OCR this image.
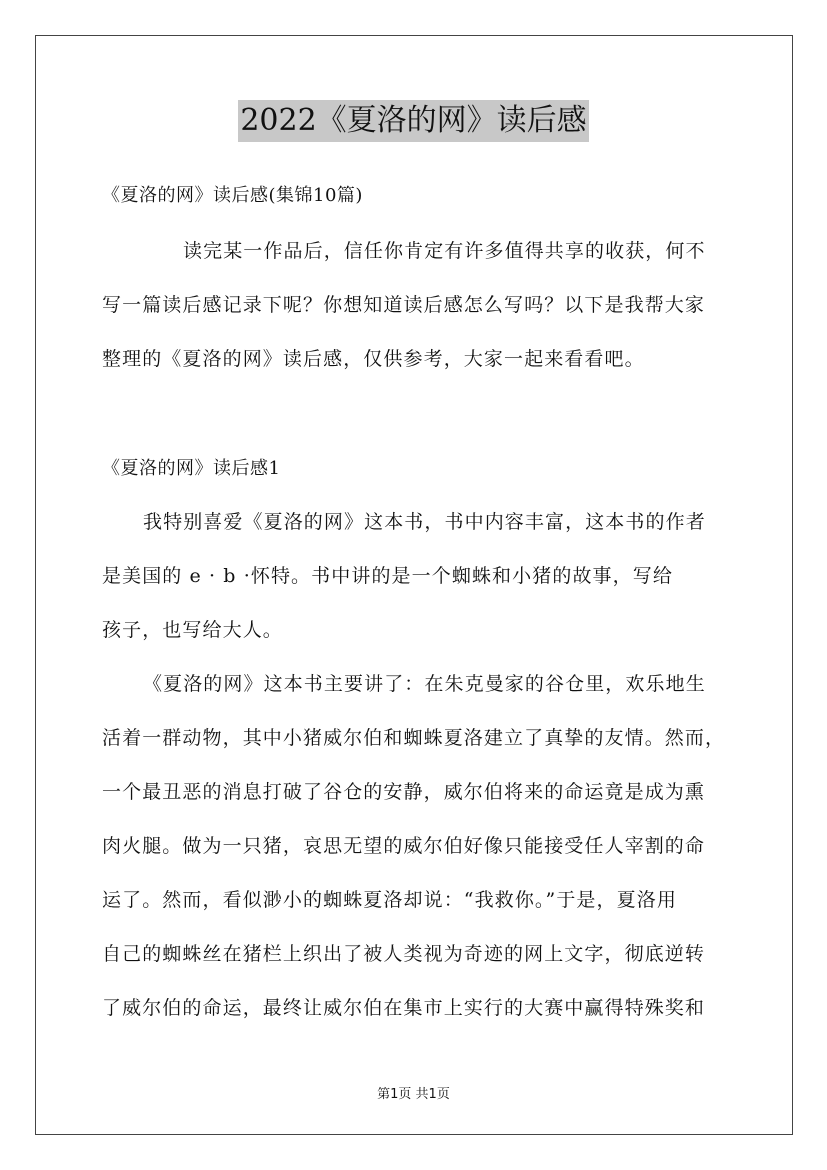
2022《夏洛的网》读后感
《夏洛的网》读后感(集锦10篇)
读完某一作品后，信任你肯定有许多值得共享的收获，何不
写一篇读后感记录下呢？你想知道读后感怎么写吗？以下是我帮大家
整理的《夏洛的网》读后感，仅供参考，大家一起来看看吧。
《夏洛的网》读后感1
我特别喜爱《夏洛的网》这本书，书中内容丰富，这本书的作者
是美国的 e · b ·怀特。书中讲的是一个蜘蛛和小猪的故事，写给
孩子，也写给大人。
《夏洛的网》这本书主要讲了：在朱克曼家的谷仓里，欢乐地生
活着一群动物，其中小猪威尔伯和蜘蛛夏洛建立了真挚的友情。然而，
一个最丑恶的消息打破了谷仓的安静，威尔伯将来的命运竟是成为熏
肉火腿。做为一只猪，哀思无望的威尔伯好像只能接受任人宰割的命
运了。然而，看似渺小的蜘蛛夏洛却说：“我救你。”于是，夏洛用
自己的蜘蛛丝在猪栏上织出了被人类视为奇迹的网上文字，彻底逆转
了威尔伯的命运，最终让威尔伯在集市上实行的大赛中赢得特殊奖和
第1页 共1页
